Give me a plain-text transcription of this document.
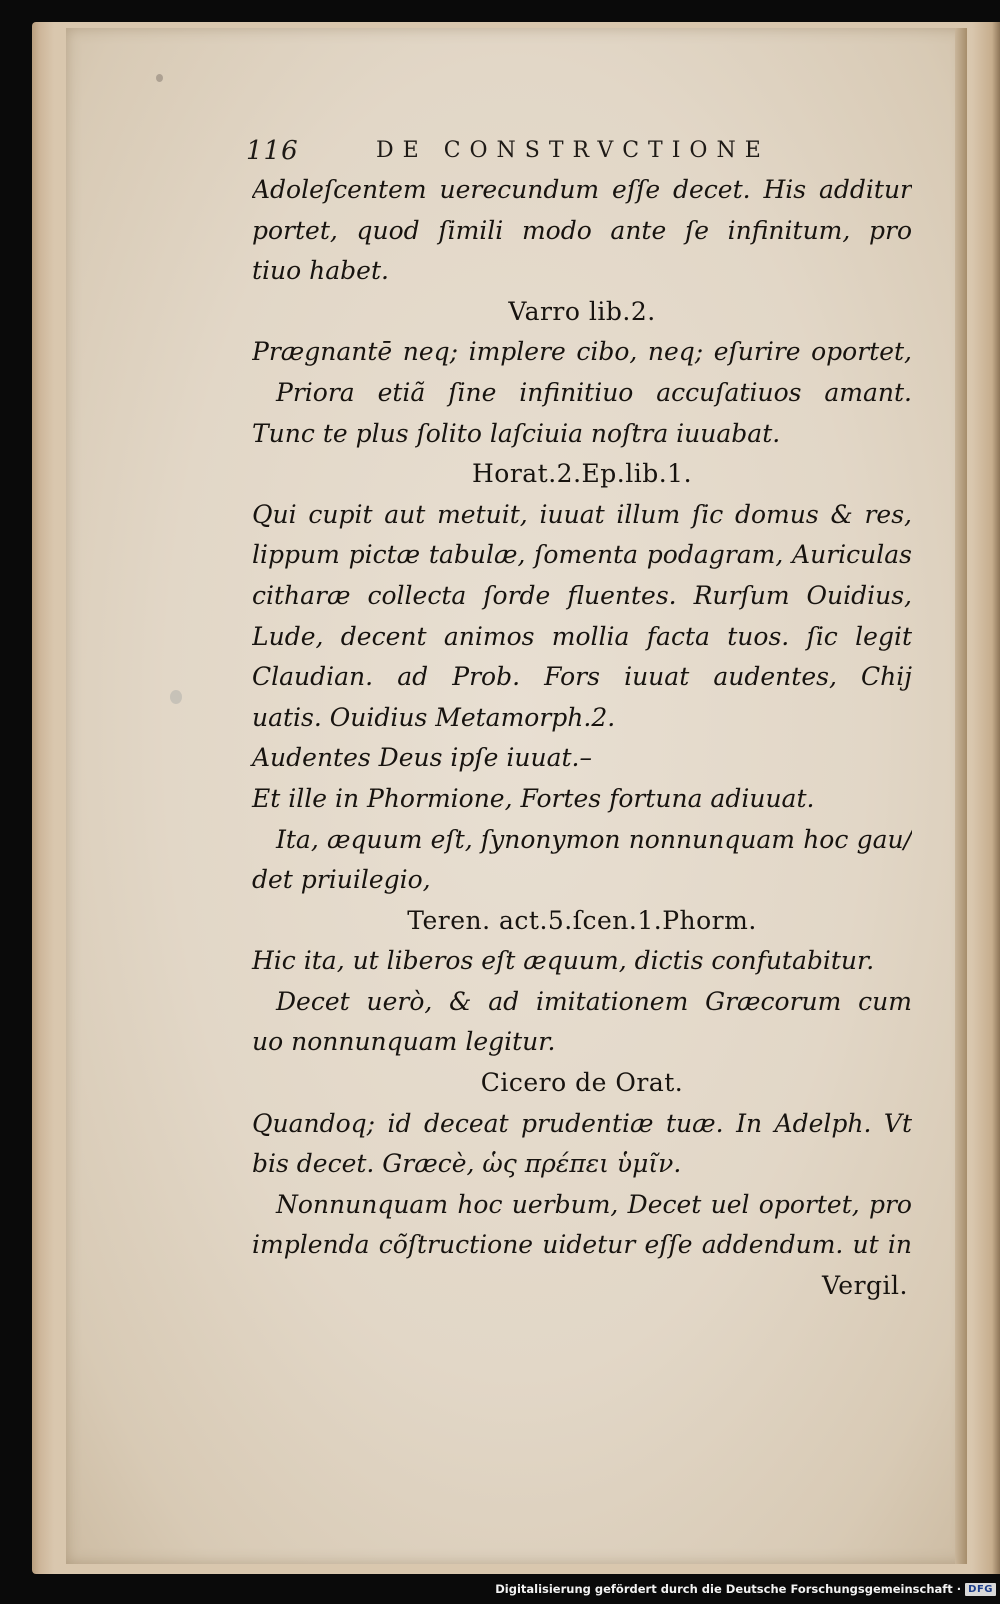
116	DE CONSTRVCTIONE
Adoleſcentem uerecundum eſſe decet. His additur
portet, quod ſimili modo ante ſe infinitum, pro
tiuo habet.
Varro lib.2.
Prægnantē neq; implere cibo, neq; eſurire oportet,
Priora etiã ſine infinitiuo accuſatiuos amant.
Tunc te plus ſolito laſciuia noſtra iuuabat.
Horat.2.Ep.lib.1.
Qui cupit aut metuit, iuuat illum ſic domus & res,
lippum pictæ tabulæ, ſomenta podagram, Auriculas
citharæ collecta ſorde fluentes. Rurſum Ouidius,
Lude, decent animos mollia facta tuos. ſic legit
Claudian. ad Prob. Fors iuuat audentes, Chij
uatis. Ouidius Metamorph.2.
Audentes Deus ipſe iuuat.–
Et ille in Phormione, Fortes fortuna adiuuat.
Ita, æquum eſt, ſynonymon nonnunquam hoc gau/
det priuilegio,
Teren. act.5.ſcen.1.Phorm.
Hic ita, ut liberos eſt æquum, dictis confutabitur.
Decet uerò, & ad imitationem Græcorum cum
uo nonnunquam legitur.
Cicero de Orat.
Quandoq; id deceat prudentiæ tuæ. In Adelph. Vt
bis decet. Græcè, ὡς πρέπει ὑμῖν.
Nonnunquam hoc uerbum, Decet uel oportet, pro
implenda cõſtructione uidetur eſſe addendum. ut in
Vergil.
Digitalisierung gefördert durch die Deutsche Forschungsgemeinschaft · DFG
